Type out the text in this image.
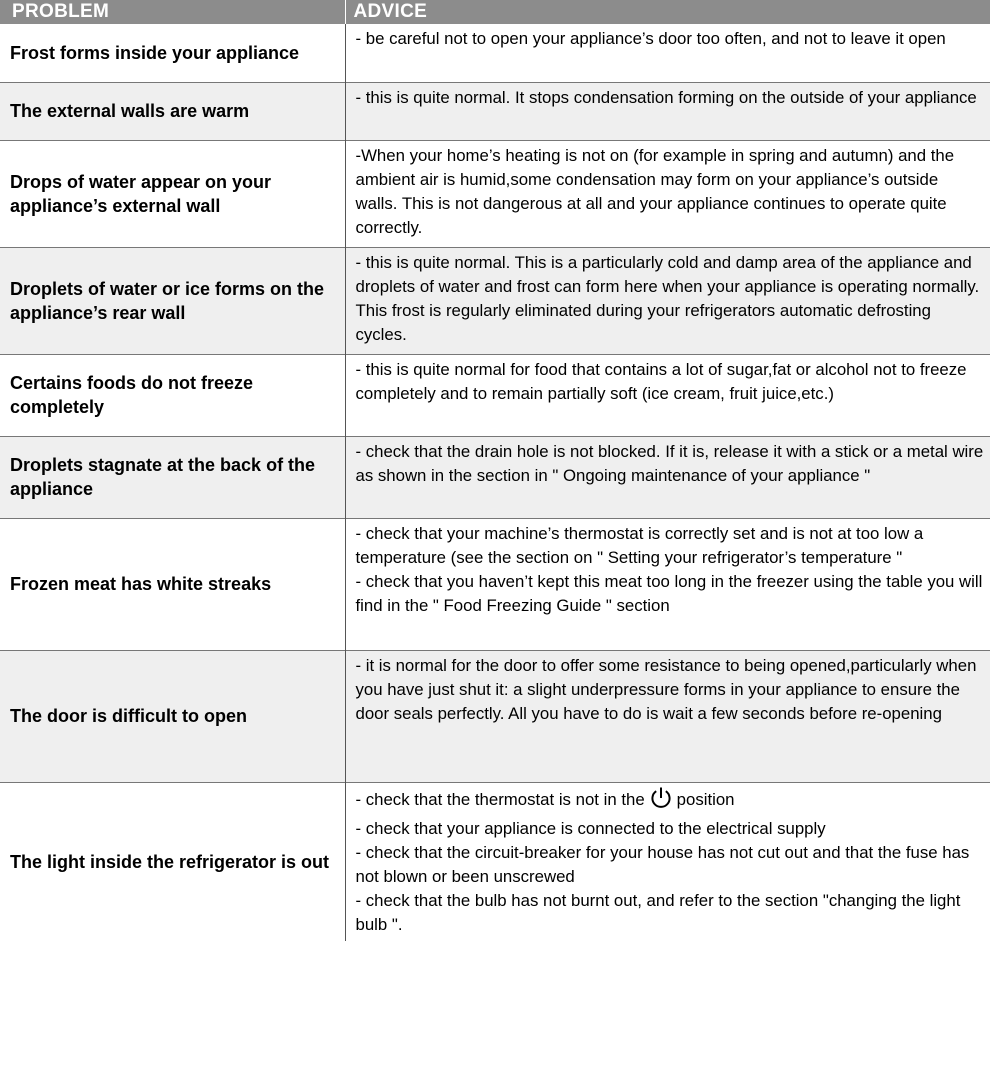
PROBLEM	ADVICE
Frost forms inside your appliance	- be careful not to open your appliance’s door too often, and not to leave it open

The external walls are warm	- this is quite normal. It stops condensation forming on the outside of your appliance

Drops of water appear on your appliance’s external wall	-When your home’s heating is not on (for example in spring and autumn) and the ambient air is humid,some condensation may form on your appliance’s outside walls. This is not dangerous at all and your appliance continues to operate quite correctly.

Droplets of water or ice forms on the appliance’s rear wall	- this is quite normal. This is a particularly cold and damp area of the appliance and droplets of water and frost can form here when your appliance is operating normally. This frost is regularly eliminated during your refrigerators automatic defrosting cycles.

Certains foods do not freeze completely	- this is quite normal for food that contains a lot of sugar,fat or alcohol not to freeze completely and to remain partially soft (ice cream, fruit juice,etc.)

Droplets stagnate at the back of the appliance	- check that the drain hole is not blocked. If it is, release it with a stick or a metal wire as shown in the section in " Ongoing maintenance of your appliance "

Frozen meat has white streaks	- check that your machine’s thermostat is correctly set and is not at too low a temperature (see the section on " Setting your refrigerator’s temperature "
- check that you haven’t kept this meat too long in the freezer using the table you will find in the " Food Freezing Guide " section

The door is difficult to open	- it is normal for the door to offer some resistance to being opened,particularly when you have just shut it: a slight underpressure forms in your appliance to ensure the door seals perfectly. All you have to do is wait a few seconds before re-opening

The light inside the refrigerator is out	- check that the thermostat is not in the position
- check that your appliance is connected to the electrical supply
- check that the circuit-breaker for your house has not cut out and that the fuse has not blown or been unscrewed
- check that the bulb has not burnt out, and refer to the section "changing the light bulb ".
